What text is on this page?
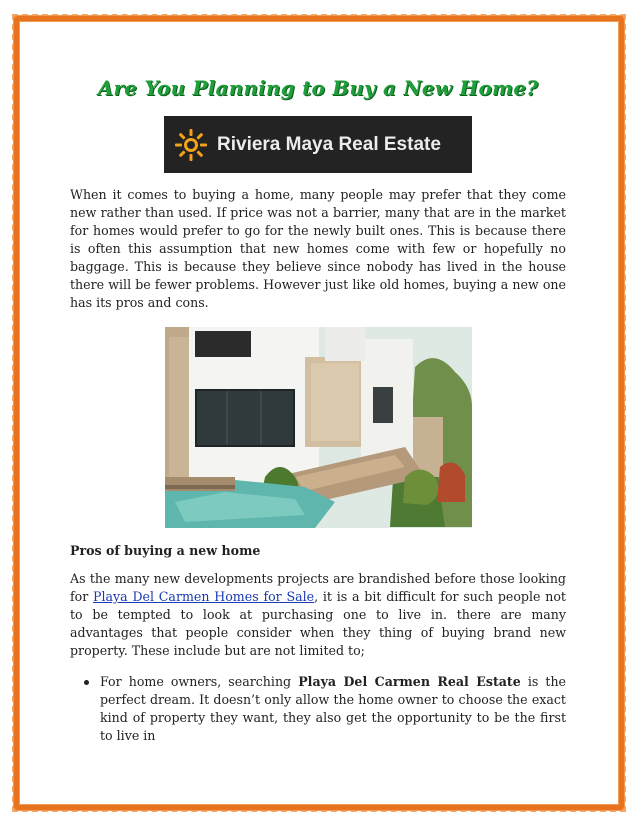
Are You Planning to Buy a New Home?
Riviera Maya Real Estate

When it comes to buying a home, many people may prefer that they come new rather than used. If price was not a barrier, many that are in the market for homes would prefer to go for the newly built ones. This is because there is often this assumption that new homes come with few or hopefully no baggage. This is because they believe since nobody has lived in the house there will be fewer problems. However just like old homes, buying a new one has its pros and cons.

Pros of buying a new home

As the many new developments projects are brandished before those looking for Playa Del Carmen Homes for Sale, it is a bit difficult for such people not to be tempted to look at purchasing one to live in. there are many advantages that people consider when they thing of buying brand new property. These include but are not limited to;

For home owners, searching Playa Del Carmen Real Estate is the perfect dream. It doesn’t only allow the home owner to choose the exact kind of property they want, they also get the opportunity to be the first to live in
